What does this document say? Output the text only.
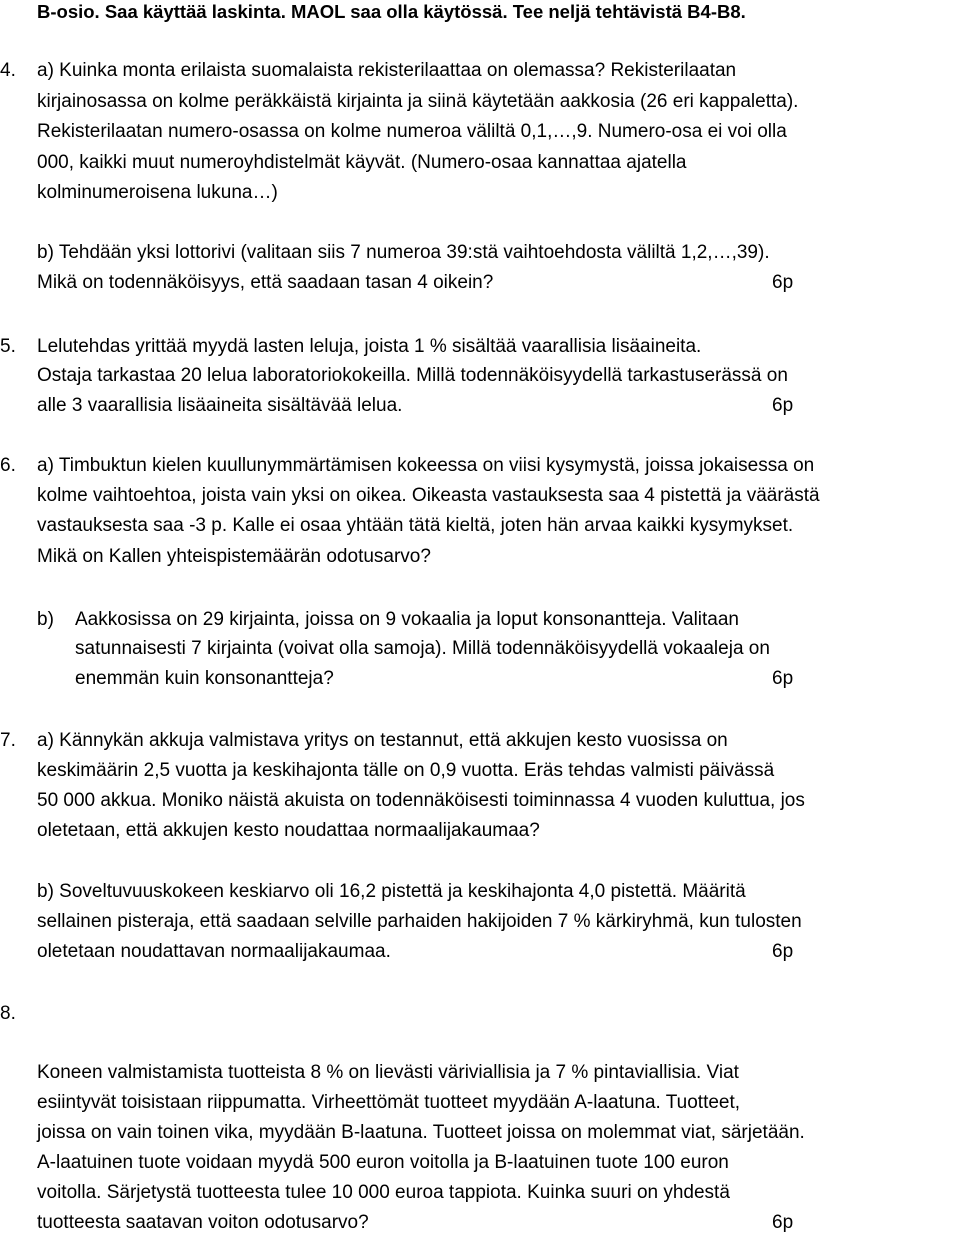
B-osio. Saa käyttää laskinta. MAOL saa olla käytössä. Tee neljä tehtävistä B4-B8.
4. a) Kuinka monta erilaista suomalaista rekisterilaattaa on olemassa? Rekisterilaatan
kirjainosassa on kolme peräkkäistä kirjainta ja siinä käytetään aakkosia (26 eri kappaletta).
Rekisterilaatan numero-osassa on kolme numeroa väliltä 0,1,…,9. Numero-osa ei voi olla
000, kaikki muut numeroyhdistelmät käyvät. (Numero-osaa kannattaa ajatella
kolminumeroisena lukuna…)
b) Tehdään yksi lottorivi (valitaan siis 7 numeroa 39:stä vaihtoehdosta väliltä 1,2,…,39).
Mikä on todennäköisyys, että saadaan tasan 4 oikein?	6p
5. Lelutehdas yrittää myydä lasten leluja, joista 1 % sisältää vaarallisia lisäaineita.
Ostaja tarkastaa 20 lelua laboratoriokokeilla. Millä todennäköisyydellä tarkastuserässä on
alle 3 vaarallisia lisäaineita sisältävää lelua.	6p
6. a) Timbuktun kielen kuullunymmärtämisen kokeessa on viisi kysymystä, joissa jokaisessa on
kolme vaihtoehtoa, joista vain yksi on oikea. Oikeasta vastauksesta saa 4 pistettä ja väärästä
vastauksesta saa -3 p. Kalle ei osaa yhtään tätä kieltä, joten hän arvaa kaikki kysymykset.
Mikä on Kallen yhteispistemäärän odotusarvo?
b) Aakkosissa on 29 kirjainta, joissa on 9 vokaalia ja loput konsonantteja. Valitaan
satunnaisesti 7 kirjainta (voivat olla samoja). Millä todennäköisyydellä vokaaleja on
enemmän kuin konsonantteja?	6p
7. a) Kännykän akkuja valmistava yritys on testannut, että akkujen kesto vuosissa on
keskimäärin 2,5 vuotta ja keskihajonta tälle on 0,9 vuotta. Eräs tehdas valmisti päivässä
50 000 akkua. Moniko näistä akuista on todennäköisesti toiminnassa 4 vuoden kuluttua, jos
oletetaan, että akkujen kesto noudattaa normaalijakaumaa?
b) Soveltuvuuskokeen keskiarvo oli 16,2 pistettä ja keskihajonta 4,0 pistettä. Määritä
sellainen pisteraja, että saadaan selville parhaiden hakijoiden 7 % kärkiryhmä, kun tulosten
oletetaan noudattavan normaalijakaumaa.	6p
8.
Koneen valmistamista tuotteista 8 % on lievästi väriviallisia ja 7 % pintaviallisia. Viat
esiintyvät toisistaan riippumatta. Virheettömät tuotteet myydään A-laatuna. Tuotteet,
joissa on vain toinen vika, myydään B-laatuna. Tuotteet joissa on molemmat viat, särjetään.
A-laatuinen tuote voidaan myydä 500 euron voitolla ja B-laatuinen tuote 100 euron
voitolla. Särjetystä tuotteesta tulee 10 000 euroa tappiota. Kuinka suuri on yhdestä
tuotteesta saatavan voiton odotusarvo?	6p
